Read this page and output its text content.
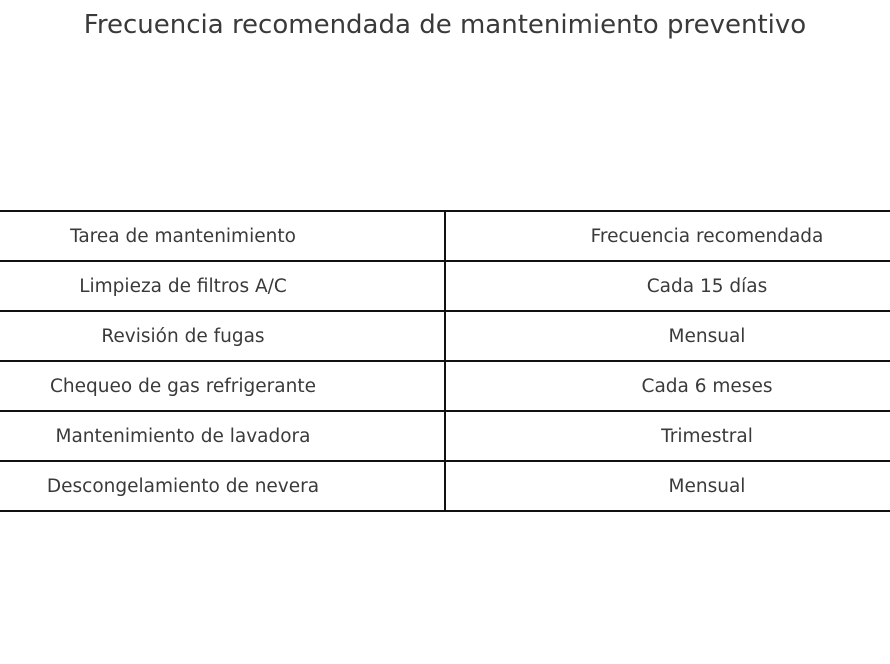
Frecuencia recomendada de mantenimiento preventivo
Tarea de mantenimiento	Frecuencia recomendada
Limpieza de filtros A/C	Cada 15 días
Revisión de fugas	Mensual
Chequeo de gas refrigerante	Cada 6 meses
Mantenimiento de lavadora	Trimestral
Descongelamiento de nevera	Mensual
